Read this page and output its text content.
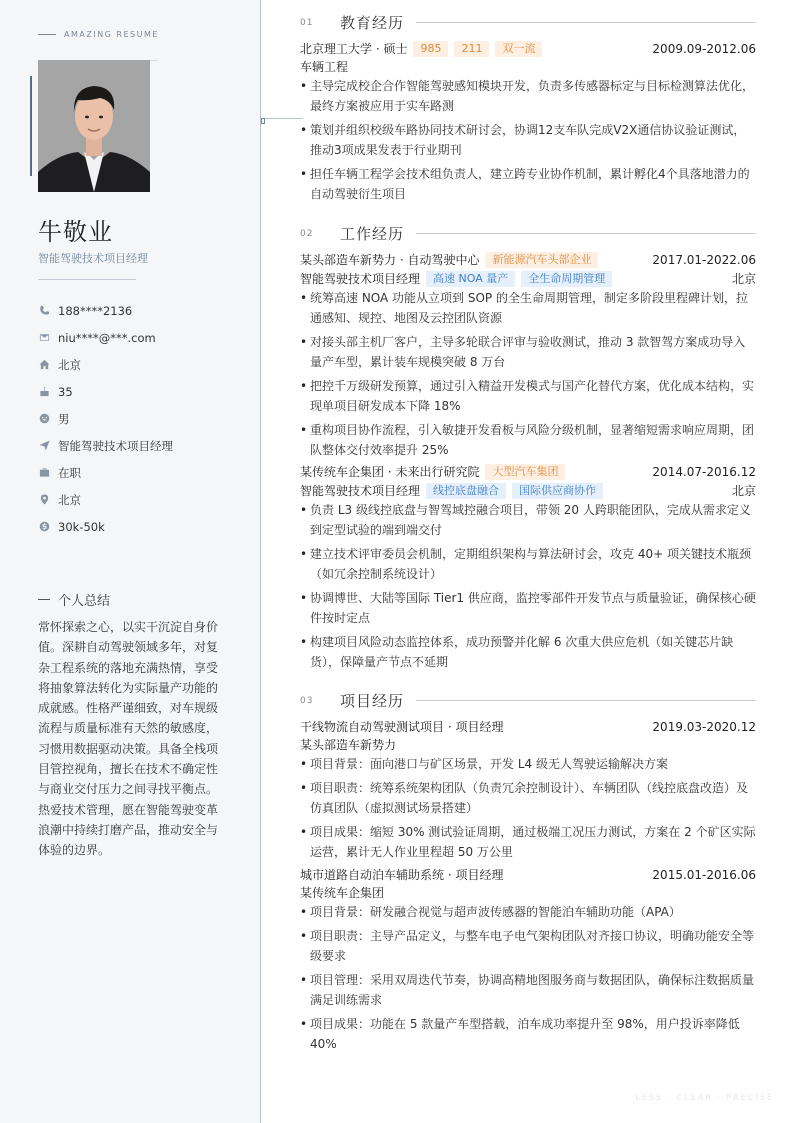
AMAZING RESUME
牛敬业
智能驾驶技术项目经理
188****2136
niu****@***.com
北京
35
男
智能驾驶技术项目经理
在职
北京
30k-50k
个人总结
常怀探索之心，以实干沉淀自身价值。深耕自动驾驶领域多年，对复杂工程系统的落地充满热情，享受将抽象算法转化为实际量产功能的成就感。性格严谨细致，对车规级流程与质量标准有天然的敏感度，习惯用数据驱动决策。具备全栈项目管控视角，擅长在技术不确定性与商业交付压力之间寻找平衡点。热爱技术管理，愿在智能驾驶变革浪潮中持续打磨产品，推动安全与体验的边界。
01	教育经历
北京理工大学 · 硕士	985	211	双一流	2009.09-2012.06
车辆工程
• 主导完成校企合作智能驾驶感知模块开发，负责多传感器标定与目标检测算法优化，最终方案被应用于实车路测
• 策划并组织校级车路协同技术研讨会，协调12支车队完成V2X通信协议验证测试，推动3项成果发表于行业期刊
• 担任车辆工程学会技术组负责人，建立跨专业协作机制，累计孵化4个具落地潜力的自动驾驶衍生项目
02	工作经历
某头部造车新势力 · 自动驾驶中心	新能源汽车头部企业	2017.01-2022.06
智能驾驶技术项目经理	高速 NOA 量产	全生命周期管理	北京
• 统筹高速 NOA 功能从立项到 SOP 的全生命周期管理，制定多阶段里程碑计划，拉通感知、规控、地图及云控团队资源
• 对接头部主机厂客户，主导多轮联合评审与验收测试，推动 3 款智驾方案成功导入量产车型，累计装车规模突破 8 万台
• 把控千万级研发预算，通过引入精益开发模式与国产化替代方案，优化成本结构，实现单项目研发成本下降 18%
• 重构项目协作流程，引入敏捷开发看板与风险分级机制，显著缩短需求响应周期，团队整体交付效率提升 25%
某传统车企集团 · 未来出行研究院	大型汽车集团	2014.07-2016.12
智能驾驶技术项目经理	线控底盘融合	国际供应商协作	北京
• 负责 L3 级线控底盘与智驾域控融合项目，带领 20 人跨职能团队，完成从需求定义到定型试验的端到端交付
• 建立技术评审委员会机制，定期组织架构与算法研讨会，攻克 40+ 项关键技术瓶颈（如冗余控制系统设计）
• 协调博世、大陆等国际 Tier1 供应商，监控零部件开发节点与质量验证，确保核心硬件按时定点
• 构建项目风险动态监控体系，成功预警并化解 6 次重大供应危机（如关键芯片缺货），保障量产节点不延期
03	项目经历
干线物流自动驾驶测试项目 · 项目经理	2019.03-2020.12
某头部造车新势力
• 项目背景：面向港口与矿区场景，开发 L4 级无人驾驶运输解决方案
• 项目职责：统筹系统架构团队（负责冗余控制设计）、车辆团队（线控底盘改造）及仿真团队（虚拟测试场景搭建）
• 项目成果：缩短 30% 测试验证周期，通过极端工况压力测试，方案在 2 个矿区实际运营，累计无人作业里程超 50 万公里
城市道路自动泊车辅助系统 · 项目经理	2015.01-2016.06
某传统车企集团
• 项目背景：研发融合视觉与超声波传感器的智能泊车辅助功能（APA）
• 项目职责：主导产品定义，与整车电子电气架构团队对齐接口协议，明确功能安全等级要求
• 项目管理：采用双周迭代节奏，协调高精地图服务商与数据团队，确保标注数据质量满足训练需求
• 项目成果：功能在 5 款量产车型搭载，泊车成功率提升至 98%，用户投诉率降低 40%
LESS · CLEAR · PRECISE
